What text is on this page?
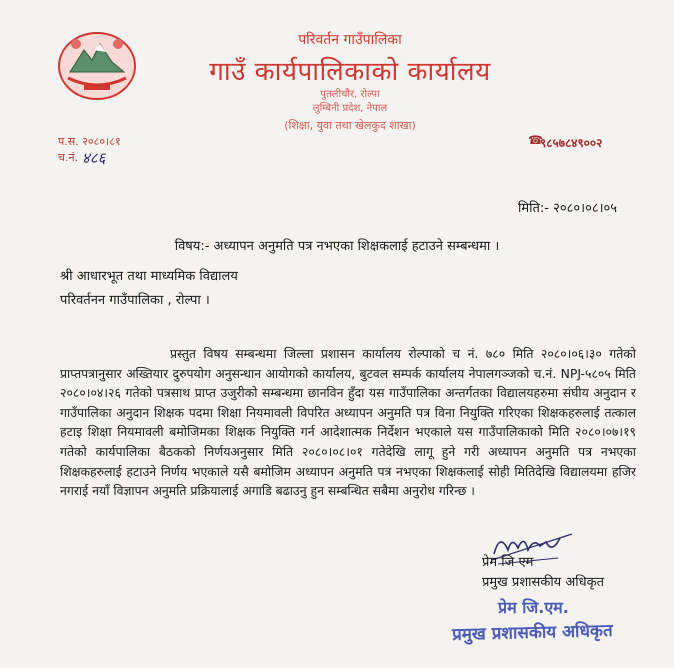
परिवर्तन गाउँपालिका
गाउँ कार्यपालिकाको कार्यालय
पुतलीचौर, रोल्पा
लुम्बिनी प्रदेश, नेपाल
(शिक्षा, युवा तथा खेलकुद शाखा)
प.स. २०८०।८१
च.नं. ४८६
☎
९८५७८४९००२
मिति:- २०८०।०८।०५
विषय:- अध्यापन अनुमति पत्र नभएका शिक्षकलाई हटाउने सम्बन्धमा ।
श्री आधारभूत तथा माध्यमिक विद्यालय
परिवर्तनन गाउँपालिका , रोल्पा ।
प्रस्तुत विषय सम्बन्धमा जिल्ला प्रशासन कार्यालय रोल्पाको च नं. ७८० मिति २०८०।०६।३० गतेको प्राप्तपत्रानुसार अख्तियार दुरुपयोग अनुसन्धान आयोगको कार्यालय, बुटवल सम्पर्क कार्यालय नेपालगञ्जको च.नं. NPJ-५८०५ मिति २०८०।०४।२६ गतेको पत्रसाथ प्राप्त उजुरीको सम्बन्धमा छानविन हुँदा यस गाउँपालिका अन्तर्गतका विद्यालयहरुमा संघीय अनुदान र गाउँपालिका अनुदान शिक्षक पदमा शिक्षा नियमावली विपरित अध्यापन अनुमति पत्र विना नियुक्ति गरिएका शिक्षकहरुलाई तत्काल हटाइ शिक्षा नियमावली बमोजिमका शिक्षक नियुक्ति गर्न आदेशात्मक निर्देशन भएकाले यस गाउँपालिकाको मिति २०८०।०७।१९ गतेको कार्यपालिका बैठकको निर्णयअनुसार मिति २०८०।०८।०१ गतेदेखि लागू हुने गरी अध्यापन अनुमति पत्र नभएका शिक्षकहरुलाई हटाउने निर्णय भएकाले यसै बमोजिम अध्यापन अनुमति पत्र नभएका शिक्षकलाई सोही मितिदेखि विद्यालयमा हजिर नगराई नयाँ विज्ञापन अनुमति प्रक्रियालाई अगाडि बढाउनु हुन सम्बन्धित सबैमा अनुरोध गरिन्छ ।
प्रेम जि एम
प्रमुख प्रशासकीय अधिकृत
प्रेम जि.एम.
प्रमुख प्रशासकीय अधिकृत
